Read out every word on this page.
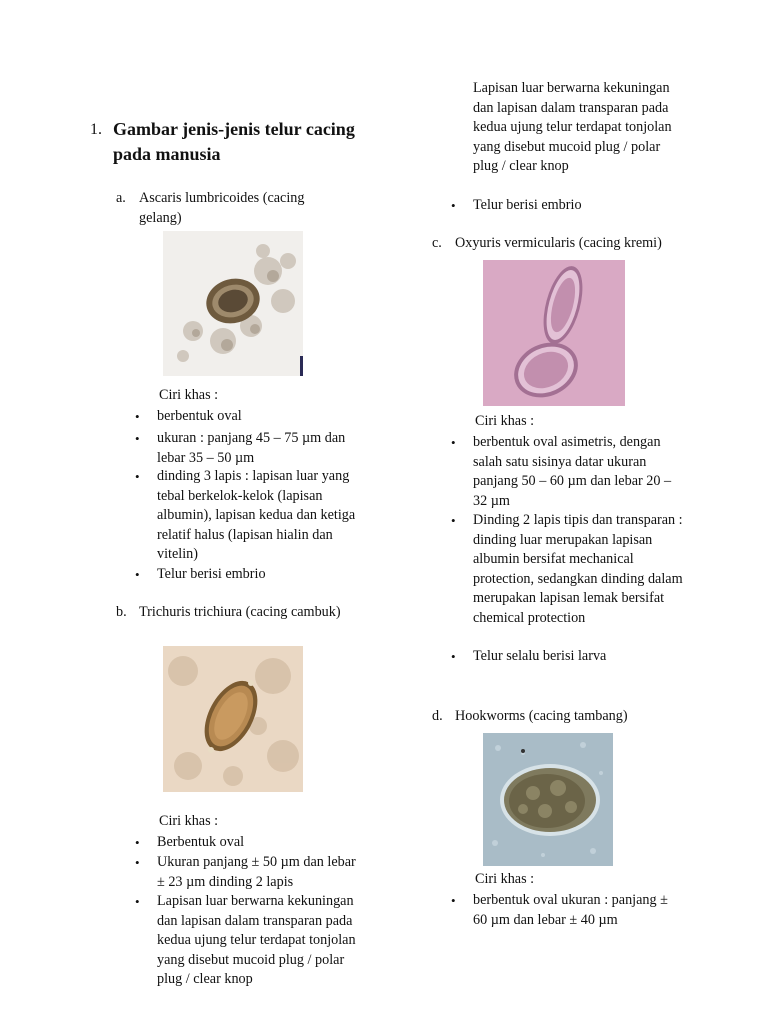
1. Gambar jenis-jenis telur cacing pada manusia
a. Ascaris lumbricoides (cacing gelang)
Ciri khas :
• berbentuk oval
• ukuran : panjang 45 – 75 µm dan lebar 35 – 50 µm
• dinding 3 lapis : lapisan luar yang tebal berkelok-kelok (lapisan albumin), lapisan kedua dan ketiga relatif halus (lapisan hialin dan vitelin)
• Telur berisi embrio
b. Trichuris trichiura (cacing cambuk)
Ciri khas :
• Berbentuk oval
• Ukuran panjang ± 50 µm dan lebar ± 23 µm dinding 2 lapis
• Lapisan luar berwarna kekuningan dan lapisan dalam transparan pada kedua ujung telur terdapat tonjolan yang disebut mucoid plug / polar plug / clear knop
Lapisan luar berwarna kekuningan dan lapisan dalam transparan pada kedua ujung telur terdapat tonjolan yang disebut mucoid plug / polar plug / clear knop
• Telur berisi embrio
c. Oxyuris vermicularis (cacing kremi)
Ciri khas :
• berbentuk oval asimetris, dengan salah satu sisinya datar ukuran panjang 50 – 60 µm dan lebar 20 – 32 µm
• Dinding 2 lapis tipis dan transparan : dinding luar merupakan lapisan albumin bersifat mechanical protection, sedangkan dinding dalam merupakan lapisan lemak bersifat chemical protection
• Telur selalu berisi larva
d. Hookworms (cacing tambang)
Ciri khas :
• berbentuk oval ukuran : panjang ± 60 µm dan lebar ± 40 µm
